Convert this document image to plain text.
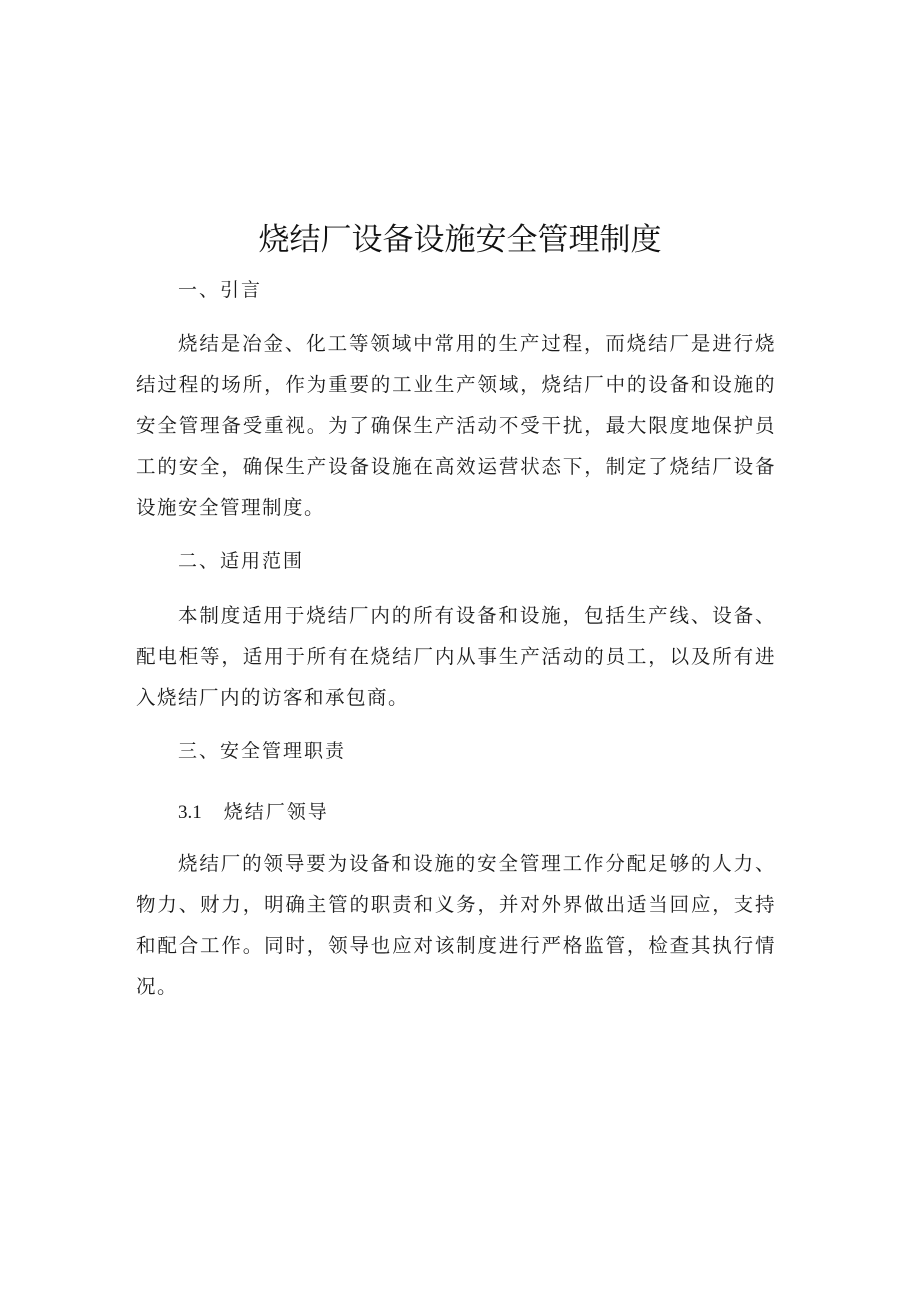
烧结厂设备设施安全管理制度
一、引言
烧结是冶金、化工等领域中常用的生产过程，而烧结厂是进行烧结过程的场所，作为重要的工业生产领域，烧结厂中的设备和设施的安全管理备受重视。为了确保生产活动不受干扰，最大限度地保护员工的安全，确保生产设备设施在高效运营状态下，制定了烧结厂设备设施安全管理制度。
二、适用范围
本制度适用于烧结厂内的所有设备和设施，包括生产线、设备、配电柜等，适用于所有在烧结厂内从事生产活动的员工，以及所有进入烧结厂内的访客和承包商。
三、安全管理职责
3.1 烧结厂领导
烧结厂的领导要为设备和设施的安全管理工作分配足够的人力、物力、财力，明确主管的职责和义务，并对外界做出适当回应，支持和配合工作。同时，领导也应对该制度进行严格监管，检查其执行情况。
